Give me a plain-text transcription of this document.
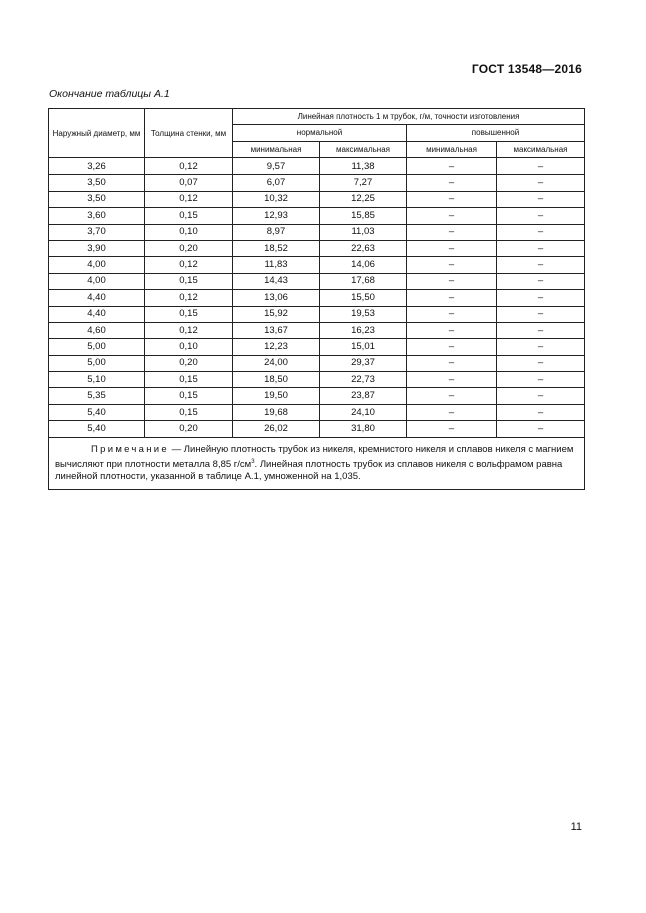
ГОСТ 13548—2016
Окончание таблицы А.1
Наружный диаметр, мм	Толщина стенки, мм	Линейная плотность 1 м трубок, г/м, точности изготовления			
		нормальной		повышенной	
		минимальная	максимальная	минимальная	максимальная
3,26	0,12	9,57	11,38	–	–
3,50	0,07	6,07	7,27	–	–
3,50	0,12	10,32	12,25	–	–
3,60	0,15	12,93	15,85	–	–
3,70	0,10	8,97	11,03	–	–
3,90	0,20	18,52	22,63	–	–
4,00	0,12	11,83	14,06	–	–
4,00	0,15	14,43	17,68	–	–
4,40	0,12	13,06	15,50	–	–
4,40	0,15	15,92	19,53	–	–
4,60	0,12	13,67	16,23	–	–
5,00	0,10	12,23	15,01	–	–
5,00	0,20	24,00	29,37	–	–
5,10	0,15	18,50	22,73	–	–
5,35	0,15	19,50	23,87	–	–
5,40	0,15	19,68	24,10	–	–
5,40	0,20	26,02	31,80	–	–
Примечание — Линейную плотность трубок из никеля, кремнистого никеля и сплавов никеля с магнием вычисляют при плотности металла 8,85 $г/см^3$. Линейная плотность трубок из сплавов никеля с вольфрамом равна линейной плотности, указанной в таблице А.1, умноженной на 1,035.					
11
